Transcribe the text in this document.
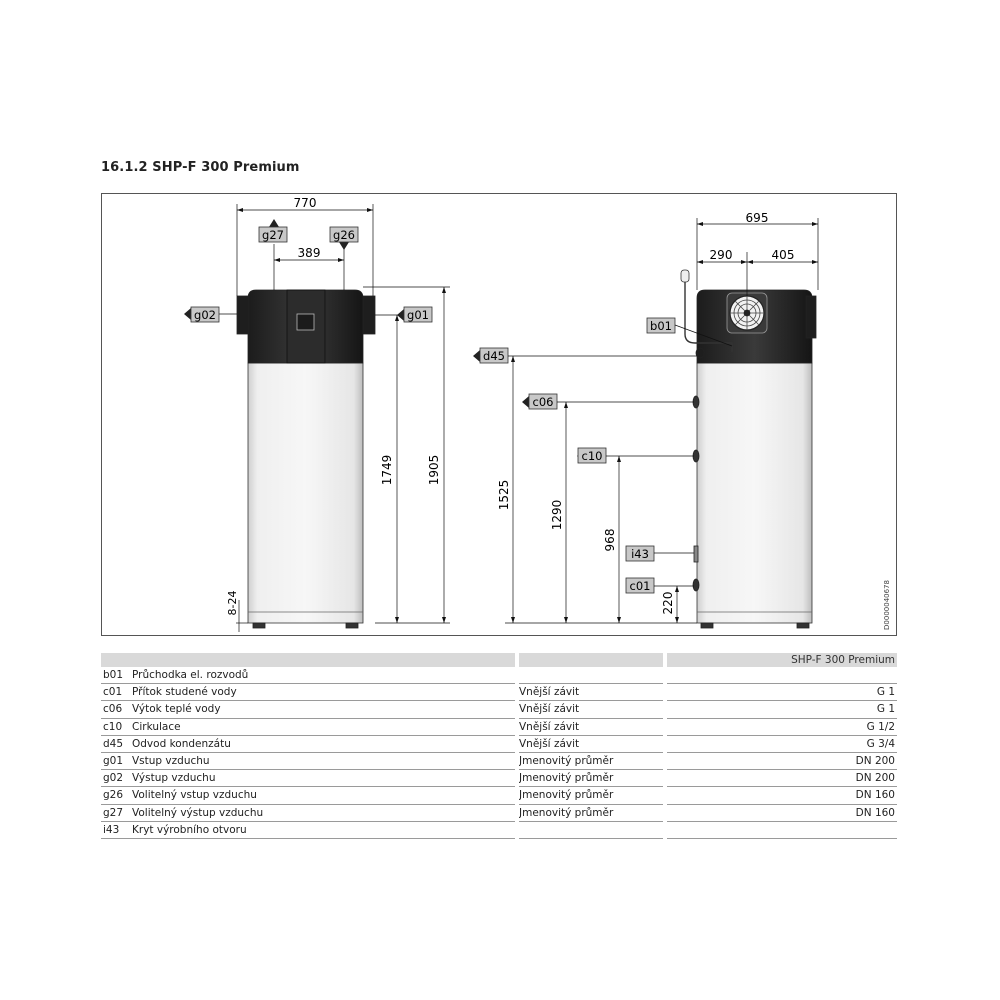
16.1.2 SHP-F 300 Premium
g27	g26
g02	g01
770
389
1749	1905
8-24
b01
d45
c06
c10
i43
c01
695
290	405
1525
1290
968
220	D0000040678
SHP-F 300 Premium
b01 Průchodka el. rozvodů
c01 Přítok studené vody	Vnější závit	G 1
c06 Výtok teplé vody	Vnější závit	G 1
c10 Cirkulace	Vnější závit	G 1/2
d45 Odvod kondenzátu	Vnější závit	G 3/4
g01 Vstup vzduchu	Jmenovitý průměr	DN 200
g02 Výstup vzduchu	Jmenovitý průměr	DN 200
g26 Volitelný vstup vzduchu	Jmenovitý průměr	DN 160
g27 Volitelný výstup vzduchu	Jmenovitý průměr	DN 160
i43 Kryt výrobního otvoru
